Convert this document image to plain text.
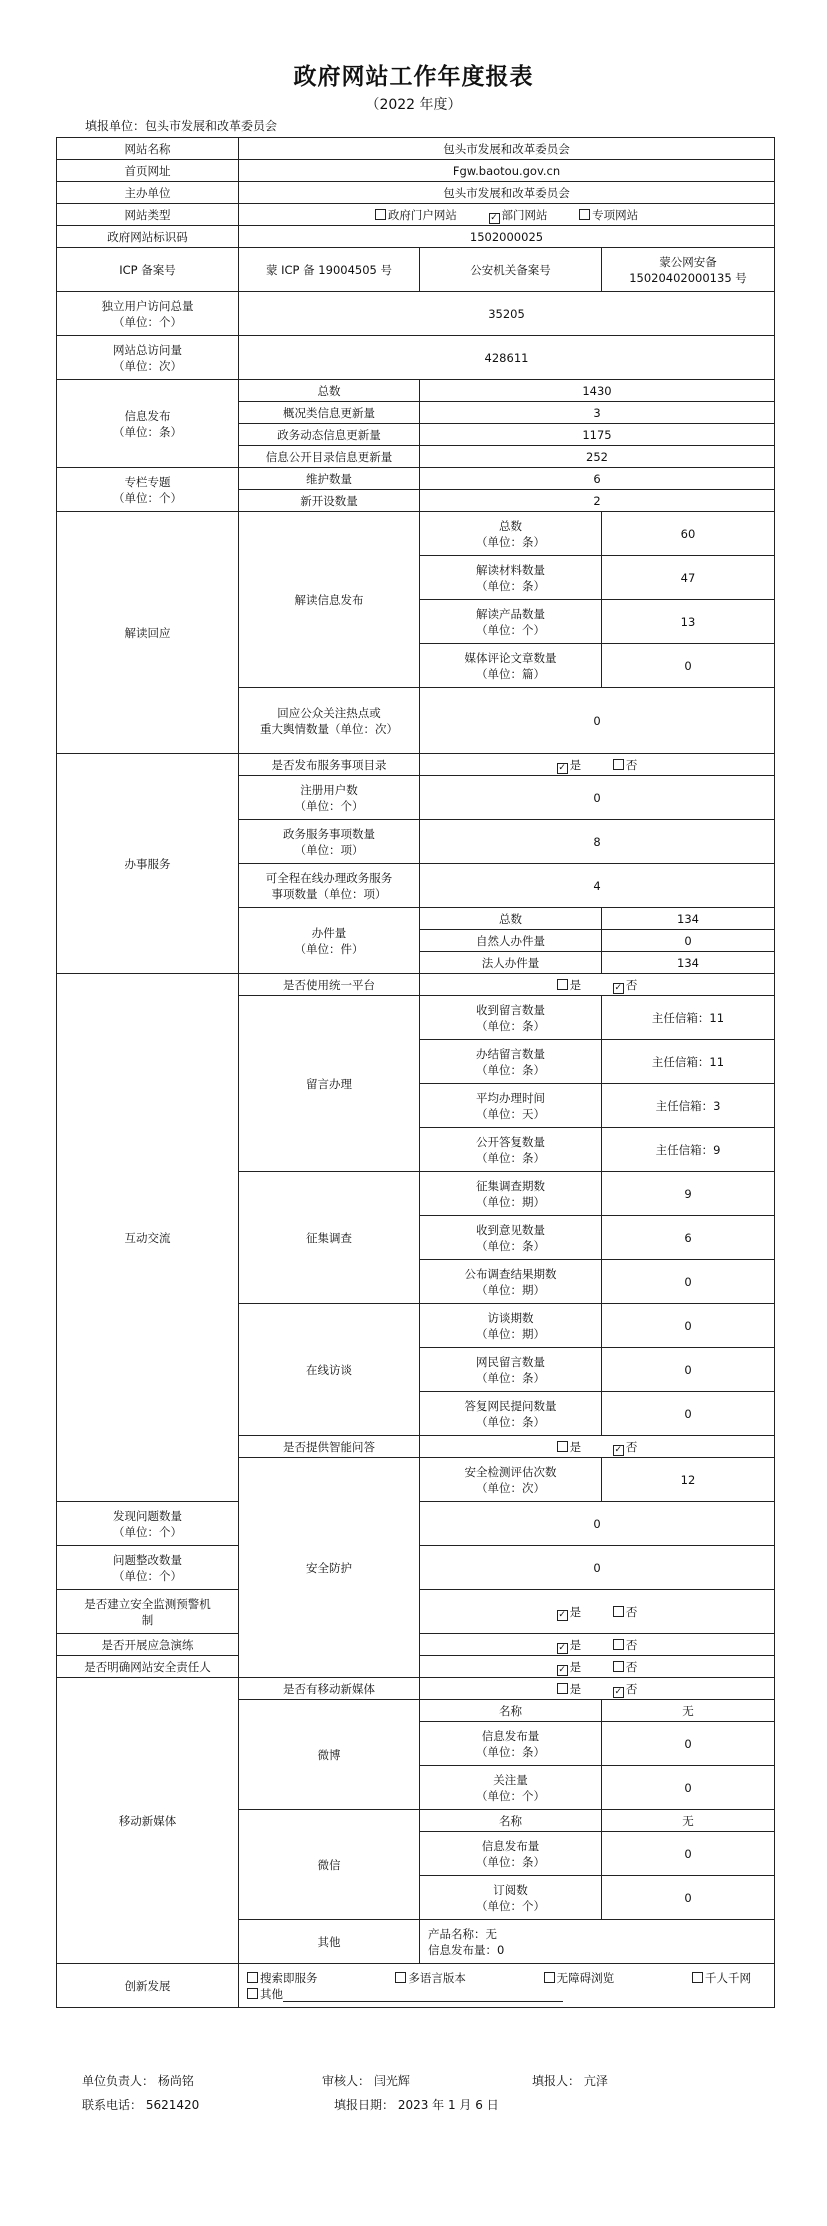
政府网站工作年度报表
（2022 年度）
填报单位：包头市发展和改革委员会
网站名称	包头市发展和改革委员会		
首页网址	Fgw.baotou.gov.cn		
主办单位	包头市发展和改革委员会		
网站类型	政府门户网站 ✓ 部门网站 专项网站		
政府网站标识码	1502000025		
ICP 备案号	蒙 ICP 备 19004505 号	公安机关备案号	蒙公网安备
15020402000135 号
独立用户访问总量
（单位：个）	35205		
网站总访问量
（单位：次）	428611		
信息发布
（单位：条）	总数	1430	
	概况类信息更新量	3	
	政务动态信息更新量	1175	
	信息公开目录信息更新量	252	
专栏专题
（单位：个）	维护数量	6	
	新开设数量	2	
解读回应	解读信息发布	总数
（单位：条）	60
		解读材料数量
（单位：条）	47
		解读产品数量
（单位：个）	13
		媒体评论文章数量
（单位：篇）	0
	回应公众关注热点或
重大舆情数量（单位：次）	0	
办事服务	是否发布服务事项目录	✓ 是 否	
	注册用户数
（单位：个）	0	
	政务服务事项数量
（单位：项）	8	
	可全程在线办理政务服务
事项数量（单位：项）	4	
	办件量
（单位：件）	总数	134
		自然人办件量	0
		法人办件量	134
互动交流	是否使用统一平台	是 ✓ 否	
	留言办理	收到留言数量
（单位：条）	主任信箱：11
		办结留言数量
（单位：条）	主任信箱：11
		平均办理时间
（单位：天）	主任信箱：3
		公开答复数量
（单位：条）	主任信箱：9
	征集调查	征集调查期数
（单位：期）	9
		收到意见数量
（单位：条）	6
		公布调查结果期数
（单位：期）	0
	在线访谈	访谈期数
（单位：期）	0
		网民留言数量
（单位：条）	0
		答复网民提问数量
（单位：条）	0
	是否提供智能问答	是 ✓ 否	
	安全防护	安全检测评估次数
（单位：次）	12
发现问题数量
（单位：个）		0	
问题整改数量
（单位：个）		0	
是否建立安全监测预警机
制		✓ 是 否	
是否开展应急演练		✓ 是 否	
是否明确网站安全责任人		✓ 是 否	
移动新媒体	是否有移动新媒体	是 ✓ 否	
	微博	名称	无
		信息发布量
（单位：条）	0
		关注量
（单位：个）	0
	微信	名称	无
		信息发布量
（单位：条）	0
		订阅数
（单位：个）	0
	其他	产品名称：无
信息发布量：0	
创新发展	搜索即服务 多语言版本 无障碍浏览 千人千网
其他		
单位负责人： 杨尚铭	审核人： 闫光辉	填报人： 亢泽
联系电话： 5621420	填报日期： 2023 年 1 月 6 日
